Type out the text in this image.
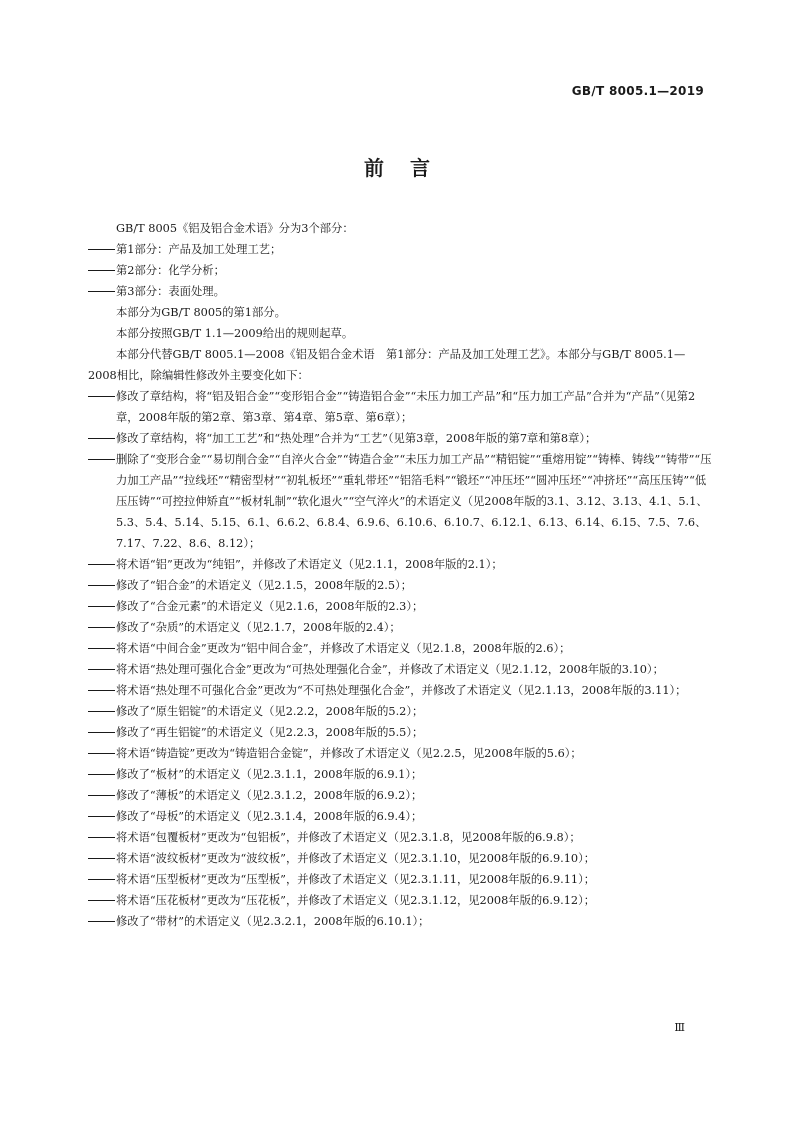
GB/T 8005.1—2019
前言
GB/T 8005《铝及铝合金术语》分为3个部分：
第1部分：产品及加工处理工艺；
第2部分：化学分析；
第3部分：表面处理。
本部分为GB/T 8005的第1部分。
本部分按照GB/T 1.1—2009给出的规则起草。
本部分代替GB/T 8005.1—2008《铝及铝合金术语　第1部分：产品及加工处理工艺》。本部分与GB/T 8005.1—2008相比，除编辑性修改外主要变化如下：
修改了章结构，将“铝及铝合金”“变形铝合金”“铸造铝合金”“未压力加工产品”和“压力加工产品”合并为“产品”（见第2章，2008年版的第2章、第3章、第4章、第5章、第6章）；
修改了章结构，将“加工工艺”和“热处理”合并为“工艺”（见第3章，2008年版的第7章和第8章）；
删除了“变形合金”“易切削合金”“自淬火合金”“铸造合金”“未压力加工产品”“精铝锭”“重熔用锭”“铸棒、铸线”“铸带”“压力加工产品”“拉线坯”“精密型材”“初轧板坯”“重轧带坯”“铝箔毛料”“锻坯”“冲压坯”“圆冲压坯”“冲挤坯”“高压压铸”“低压压铸”“可控拉伸矫直”“板材轧制”“软化退火”“空气淬火”的术语定义（见2008年版的3.1、3.12、3.13、4.1、5.1、5.3、5.4、5.14、5.15、6.1、6.6.2、6.8.4、6.9.6、6.10.6、6.10.7、6.12.1、6.13、6.14、6.15、7.5、7.6、7.17、7.22、8.6、8.12）；
将术语“铝”更改为“纯铝”，并修改了术语定义（见2.1.1，2008年版的2.1）；
修改了“铝合金”的术语定义（见2.1.5，2008年版的2.5）；
修改了“合金元素”的术语定义（见2.1.6，2008年版的2.3）；
修改了“杂质”的术语定义（见2.1.7，2008年版的2.4）；
将术语“中间合金”更改为“铝中间合金”，并修改了术语定义（见2.1.8，2008年版的2.6）；
将术语“热处理可强化合金”更改为“可热处理强化合金”，并修改了术语定义（见2.1.12，2008年版的3.10）；
将术语“热处理不可强化合金”更改为“不可热处理强化合金”，并修改了术语定义（见2.1.13，2008年版的3.11）；
修改了“原生铝锭”的术语定义（见2.2.2，2008年版的5.2）；
修改了“再生铝锭”的术语定义（见2.2.3，2008年版的5.5）；
将术语“铸造锭”更改为“铸造铝合金锭”，并修改了术语定义（见2.2.5，见2008年版的5.6）；
修改了“板材”的术语定义（见2.3.1.1，2008年版的6.9.1）；
修改了“薄板”的术语定义（见2.3.1.2，2008年版的6.9.2）；
修改了“母板”的术语定义（见2.3.1.4，2008年版的6.9.4）；
将术语“包覆板材”更改为“包铝板”，并修改了术语定义（见2.3.1.8，见2008年版的6.9.8）；
将术语“波纹板材”更改为“波纹板”，并修改了术语定义（见2.3.1.10，见2008年版的6.9.10）；
将术语“压型板材”更改为“压型板”，并修改了术语定义（见2.3.1.11，见2008年版的6.9.11）；
将术语“压花板材”更改为“压花板”，并修改了术语定义（见2.3.1.12，见2008年版的6.9.12）；
修改了“带材”的术语定义（见2.3.2.1，2008年版的6.10.1）；
Ⅲ
